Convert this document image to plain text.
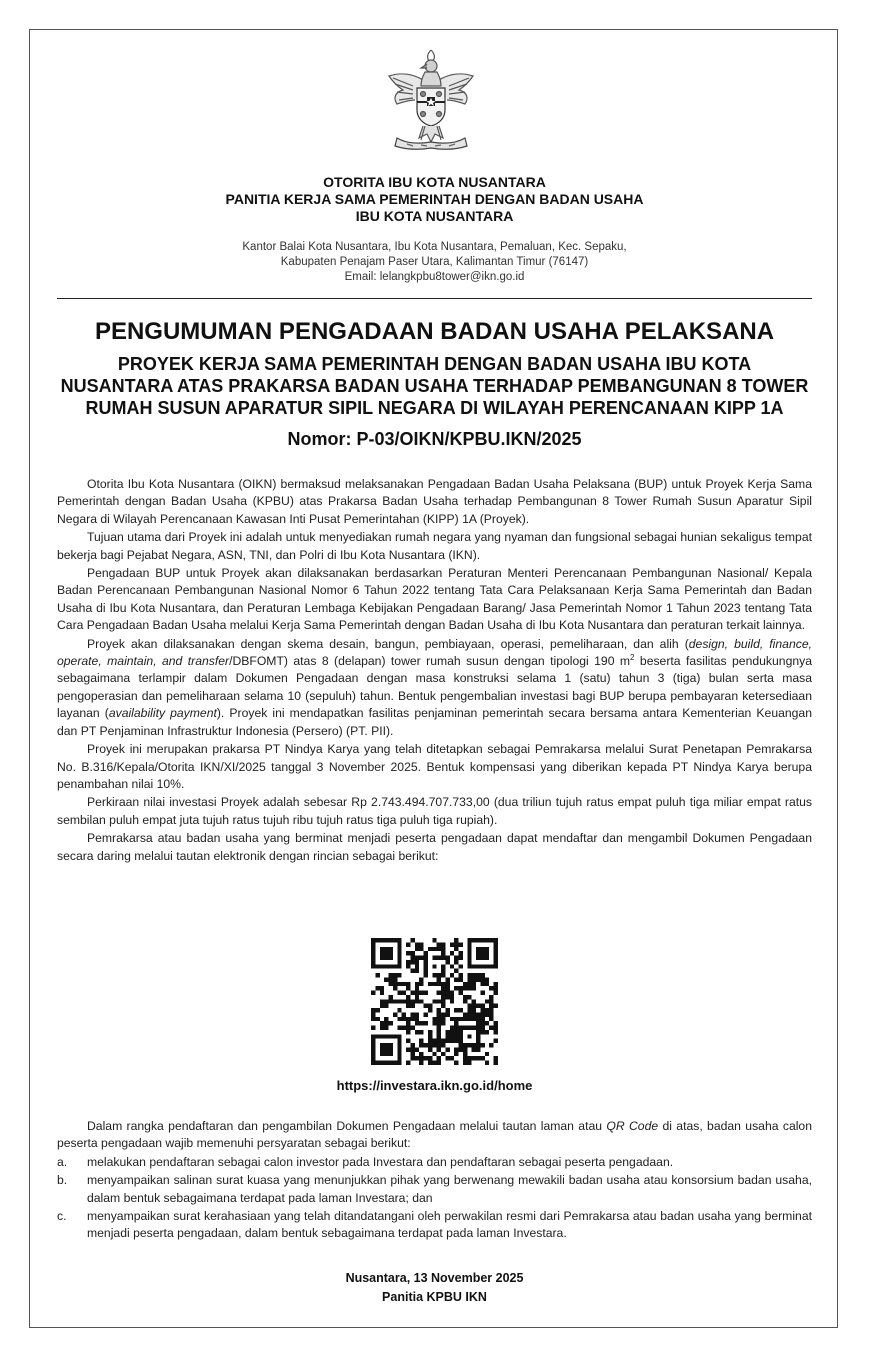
OTORITA IBU KOTA NUSANTARA
PANITIA KERJA SAMA PEMERINTAH DENGAN BADAN USAHA
IBU KOTA NUSANTARA
Kantor Balai Kota Nusantara, Ibu Kota Nusantara, Pemaluan, Kec. Sepaku,
Kabupaten Penajam Paser Utara, Kalimantan Timur (76147)
Email: lelangkpbu8tower@ikn.go.id
PENGUMUMAN PENGADAAN BADAN USAHA PELAKSANA
PROYEK KERJA SAMA PEMERINTAH DENGAN BADAN USAHA IBU KOTA
NUSANTARA ATAS PRAKARSA BADAN USAHA TERHADAP PEMBANGUNAN 8 TOWER
RUMAH SUSUN APARATUR SIPIL NEGARA DI WILAYAH PERENCANAAN KIPP 1A
Nomor: P-03/OIKN/KPBU.IKN/2025

Otorita Ibu Kota Nusantara (OIKN) bermaksud melaksanakan Pengadaan Badan Usaha Pelaksana (BUP) untuk Proyek Kerja Sama Pemerintah dengan Badan Usaha (KPBU) atas Prakarsa Badan Usaha terhadap Pembangunan 8 Tower Rumah Susun Aparatur Sipil Negara di Wilayah Perencanaan Kawasan Inti Pusat Pemerintahan (KIPP) 1A (Proyek).

Tujuan utama dari Proyek ini adalah untuk menyediakan rumah negara yang nyaman dan fungsional sebagai hunian sekaligus tempat bekerja bagi Pejabat Negara, ASN, TNI, dan Polri di Ibu Kota Nusantara (IKN).

Pengadaan BUP untuk Proyek akan dilaksanakan berdasarkan Peraturan Menteri Perencanaan Pembangunan Nasional/ Kepala Badan Perencanaan Pembangunan Nasional Nomor 6 Tahun 2022 tentang Tata Cara Pelaksanaan Kerja Sama Pemerintah dan Badan Usaha di Ibu Kota Nusantara, dan Peraturan Lembaga Kebijakan Pengadaan Barang/ Jasa Pemerintah Nomor 1 Tahun 2023 tentang Tata Cara Pengadaan Badan Usaha melalui Kerja Sama Pemerintah dengan Badan Usaha di Ibu Kota Nusantara dan peraturan terkait lainnya.

Proyek akan dilaksanakan dengan skema desain, bangun, pembiayaan, operasi, pemeliharaan, dan alih (design, build, finance, operate, maintain, and transfer/DBFOMT) atas 8 (delapan) tower rumah susun dengan tipologi 190 $m^2$ beserta fasilitas pendukungnya sebagaimana terlampir dalam Dokumen Pengadaan dengan masa konstruksi selama 1 (satu) tahun 3 (tiga) bulan serta masa pengoperasian dan pemeliharaan selama 10 (sepuluh) tahun. Bentuk pengembalian investasi bagi BUP berupa pembayaran ketersediaan layanan (availability payment). Proyek ini mendapatkan fasilitas penjaminan pemerintah secara bersama antara Kementerian Keuangan dan PT Penjaminan Infrastruktur Indonesia (Persero) (PT. PII).

Proyek ini merupakan prakarsa PT Nindya Karya yang telah ditetapkan sebagai Pemrakarsa melalui Surat Penetapan Pemrakarsa No. B.316/Kepala/Otorita IKN/XI/2025 tanggal 3 November 2025. Bentuk kompensasi yang diberikan kepada PT Nindya Karya berupa penambahan nilai 10%.

Perkiraan nilai investasi Proyek adalah sebesar Rp 2.743.494.707.733,00 (dua triliun tujuh ratus empat puluh tiga miliar empat ratus sembilan puluh empat juta tujuh ratus tujuh ribu tujuh ratus tiga puluh tiga rupiah).

Pemrakarsa atau badan usaha yang berminat menjadi peserta pengadaan dapat mendaftar dan mengambil Dokumen Pengadaan secara daring melalui tautan elektronik dengan rincian sebagai berikut:

https://investara.ikn.go.id/home

Dalam rangka pendaftaran dan pengambilan Dokumen Pengadaan melalui tautan laman atau QR Code di atas, badan usaha calon peserta pengadaan wajib memenuhi persyaratan sebagai berikut:

a.	melakukan pendaftaran sebagai calon investor pada Investara dan pendaftaran sebagai peserta pengadaan.
b.	menyampaikan salinan surat kuasa yang menunjukkan pihak yang berwenang mewakili badan usaha atau konsorsium badan usaha, dalam bentuk sebagaimana terdapat pada laman Investara; dan
c.	menyampaikan surat kerahasiaan yang telah ditandatangani oleh perwakilan resmi dari Pemrakarsa atau badan usaha yang berminat menjadi peserta pengadaan, dalam bentuk sebagaimana terdapat pada laman Investara.
Nusantara, 13 November 2025
Panitia KPBU IKN
